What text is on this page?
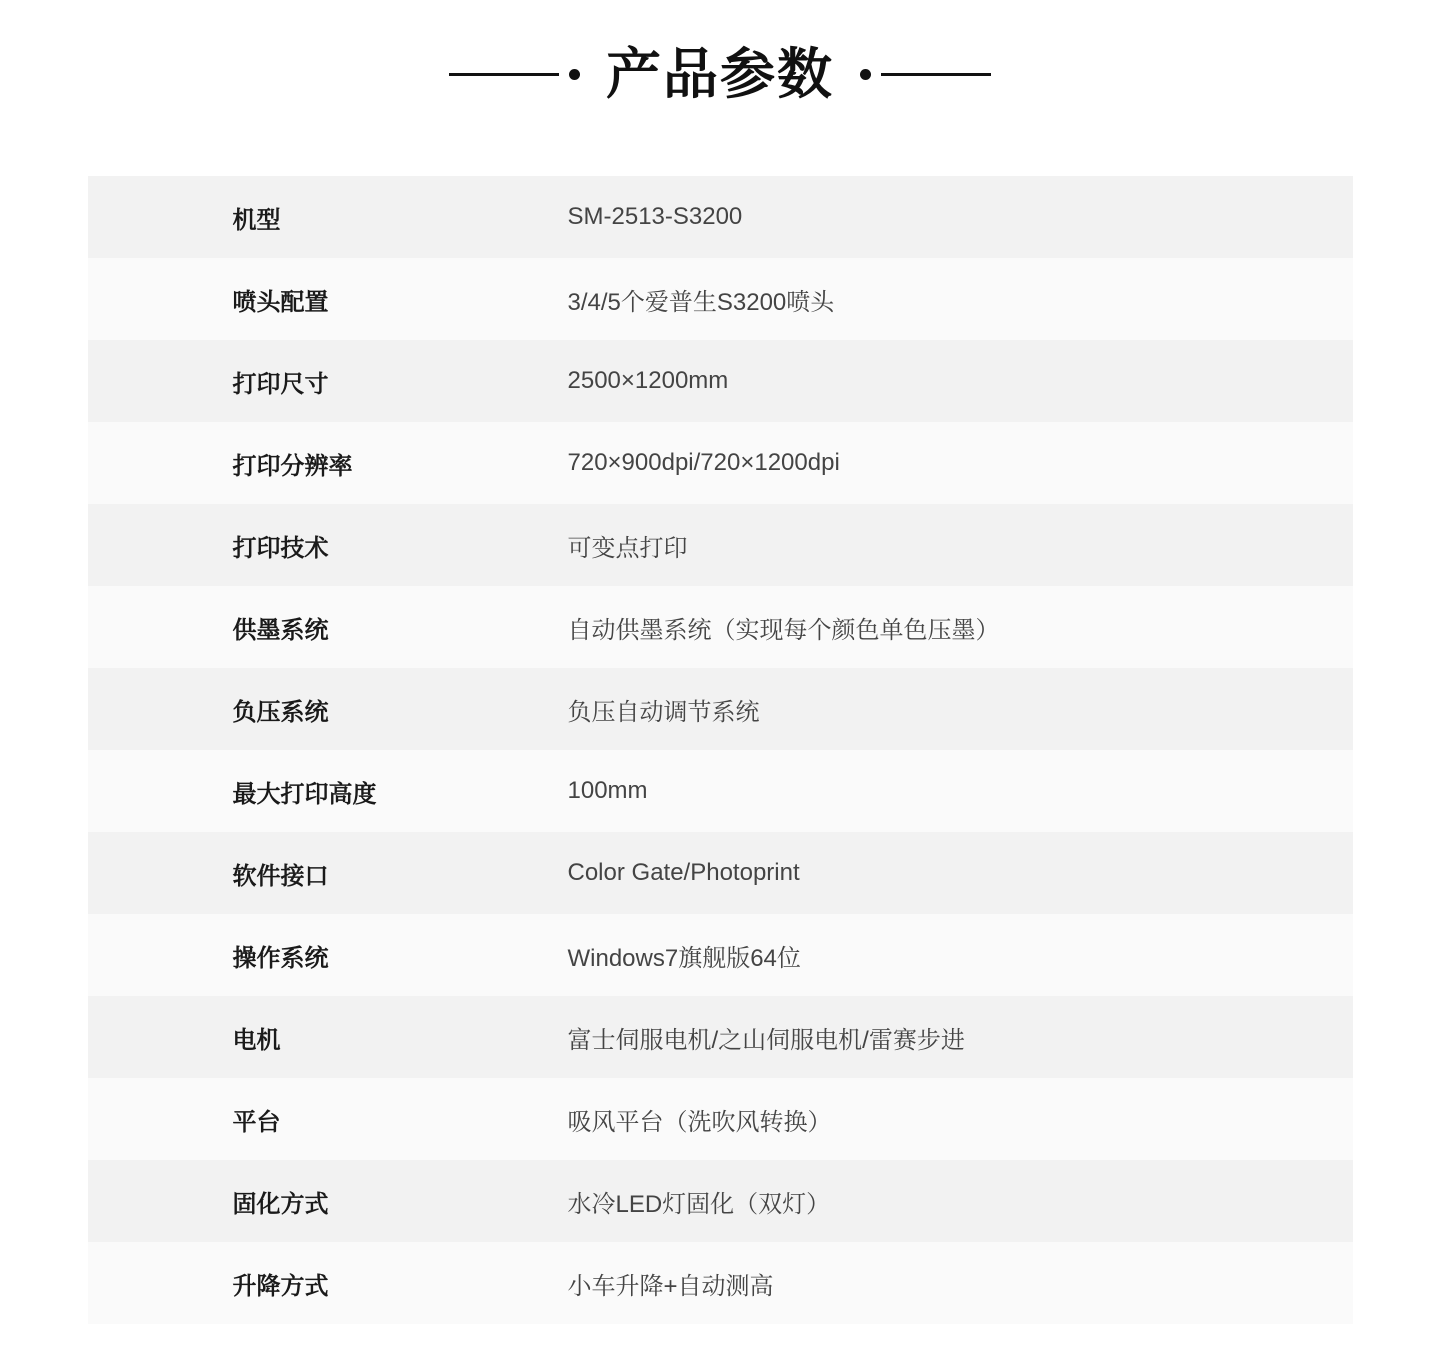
产品参数
机型	SM-2513-S3200
喷头配置	3/4/5个爱普生S3200喷头
打印尺寸	2500×1200mm
打印分辨率	720×900dpi/720×1200dpi
打印技术	可变点打印
供墨系统	自动供墨系统（实现每个颜色单色压墨）
负压系统	负压自动调节系统
最大打印高度	100mm
软件接口	Color Gate/Photoprint
操作系统	Windows7旗舰版64位
电机	富士伺服电机/之山伺服电机/雷赛步进
平台	吸风平台（洗吹风转换）
固化方式	水冷LED灯固化（双灯）
升降方式	小车升降+自动测高
